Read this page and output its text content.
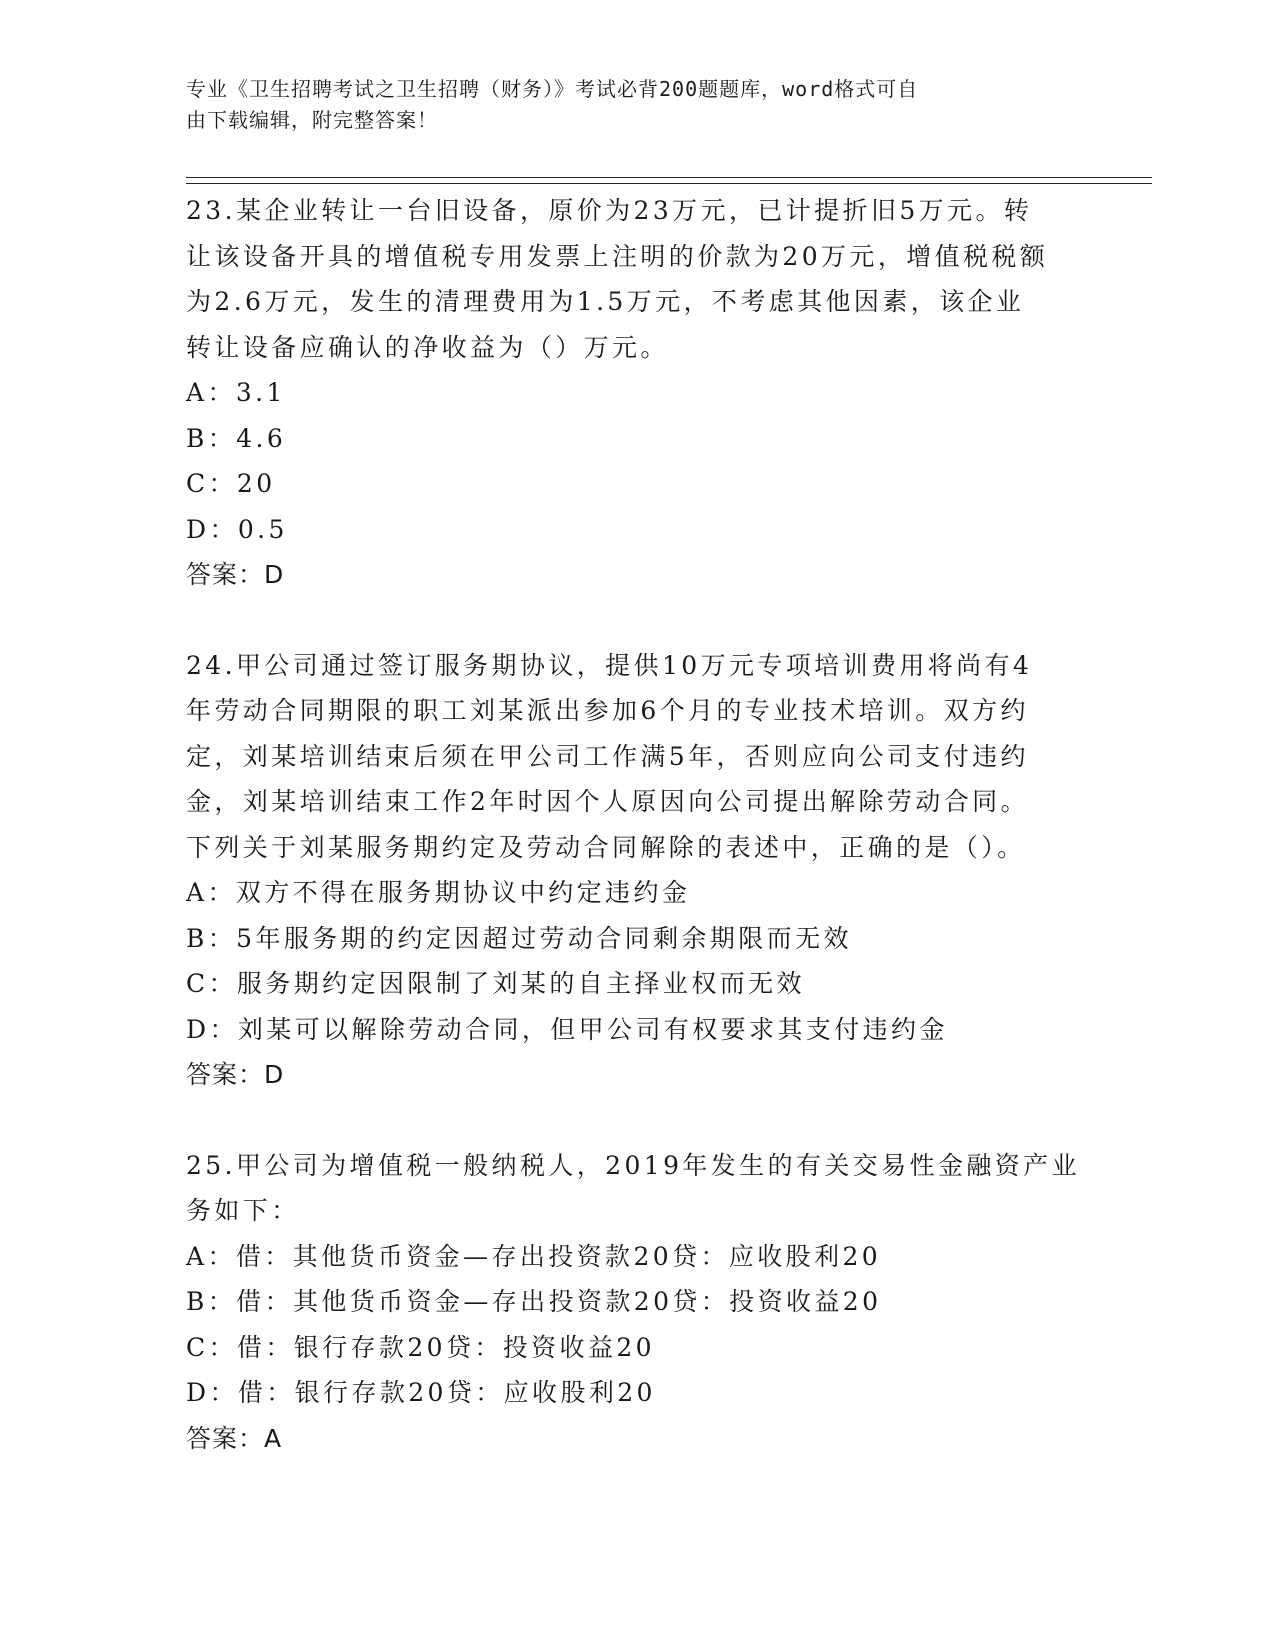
专业《卫生招聘考试之卫生招聘（财务）》考试必背200题题库，word格式可自
由下载编辑，附完整答案！
23.某企业转让一台旧设备，原价为23万元，已计提折旧5万元。转
让该设备开具的增值税专用发票上注明的价款为20万元，增值税税额
为2.6万元，发生的清理费用为1.5万元，不考虑其他因素，该企业
转让设备应确认的净收益为（）万元。
A：3.1
B：4.6
C：20
D：0.5
答案：D
24.甲公司通过签订服务期协议，提供10万元专项培训费用将尚有4
年劳动合同期限的职工刘某派出参加6个月的专业技术培训。双方约
定，刘某培训结束后须在甲公司工作满5年，否则应向公司支付违约
金，刘某培训结束工作2年时因个人原因向公司提出解除劳动合同。
下列关于刘某服务期约定及劳动合同解除的表述中，正确的是（）。
A：双方不得在服务期协议中约定违约金
B：5年服务期的约定因超过劳动合同剩余期限而无效
C：服务期约定因限制了刘某的自主择业权而无效
D：刘某可以解除劳动合同，但甲公司有权要求其支付违约金
答案：D
25.甲公司为增值税一般纳税人，2019年发生的有关交易性金融资产业
务如下：
A：借：其他货币资金—存出投资款20贷：应收股利20
B：借：其他货币资金—存出投资款20贷：投资收益20
C：借：银行存款20贷：投资收益20
D：借：银行存款20贷：应收股利20
答案：A
